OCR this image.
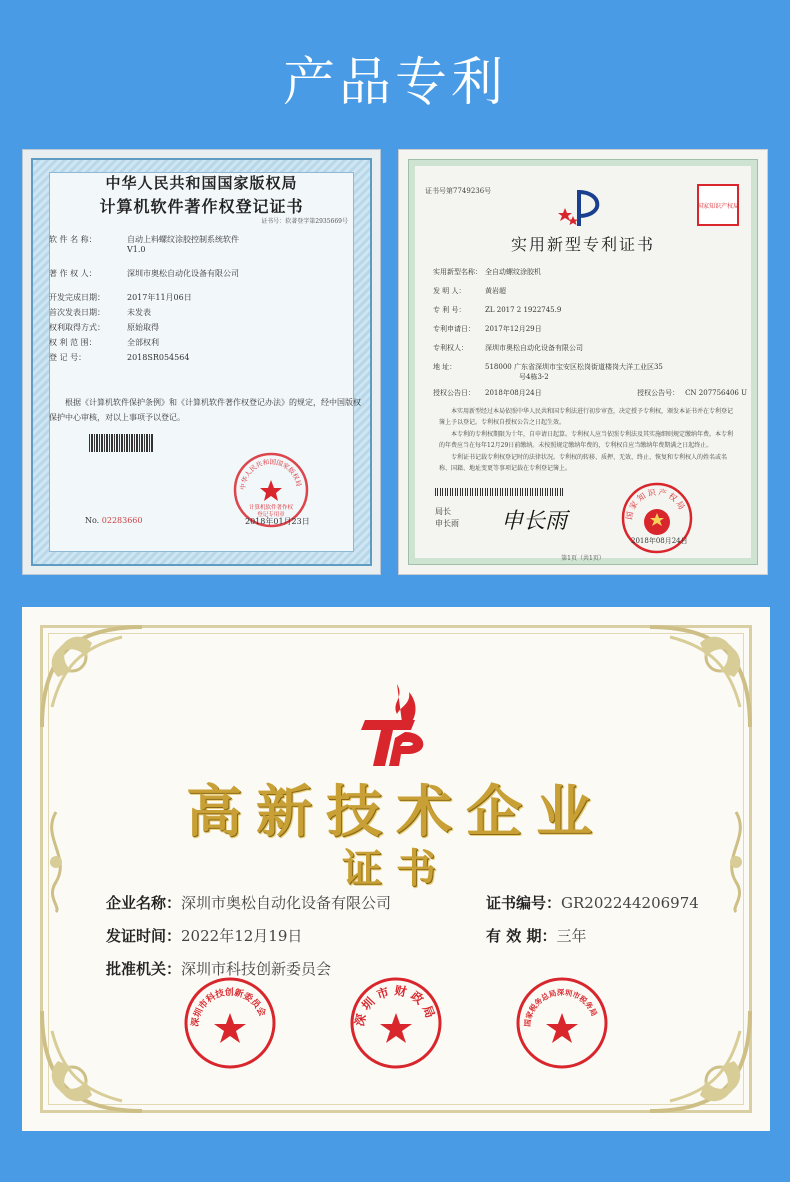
产品专利
中华人民共和国国家版权局
计算机软件著作权登记证书
证书号：软著登字第2935669号
软 件 名 称：	自动上料螺纹涂胶控制系统软件
V1.0
著 作 权 人：	深圳市奥松自动化设备有限公司
开发完成日期：	2017年11月06日
首次发表日期：	未发表
权利取得方式：	原始取得
权 利 范 围：	全部权利
登 记 号：	2018SR054564
根据《计算机软件保护条例》和《计算机软件著作权登记办法》的规定，经中国版权保护中心审核，对以上事项予以登记。
No. 02283660
中华人民共和国国家版权局
计算机软件著作权
登记专用章
2018年01月23日
证书号第7749236号
国家知识产权局
实用新型专利证书
实用新型名称： 全自动螺纹涂胶机
发 明 人：	黄岩超
专 利 号：	ZL 2017 2 1922745.9
专利申请日：	2017年12月29日
专利权人：	深圳市奥松自动化设备有限公司
地 址：	518000 广东省深圳市宝安区松岗街道楼岗大洋工业区35
号4栋3-2
授权公告日：	2018年08月24日	授权公告号： CN 207756406 U

本实用新型经过本局依照中华人民共和国专利法进行初步审查，决定授予专利权，颁发本证书并在专利登记簿上予以登记。专利权自授权公告之日起生效。

本专利的专利权期限为十年，自申请日起算。专利权人应当依照专利法及其实施细则规定缴纳年费。本专利的年费应当在每年12月29日前缴纳。未按照规定缴纳年费的，专利权自应当缴纳年费期满之日起终止。

专利证书记载专利权登记时的法律状况。专利权的转移、质押、无效、终止、恢复和专利权人的姓名或名称、国籍、地址变更等事项记载在专利登记簿上。

局长
申长雨 申长雨	国家知识产权局
2018年08月24日
第1页（共1页）
高新技术企业
证书
企业名称：深圳市奥松自动化设备有限公司	证书编号：GR202244206974
发证时间：2022年12月19日	有 效 期：三年
批准机关：深圳市科技创新委员会
深圳市科技创新委员会	深圳市财政局	国家税务总局深圳市税务局
